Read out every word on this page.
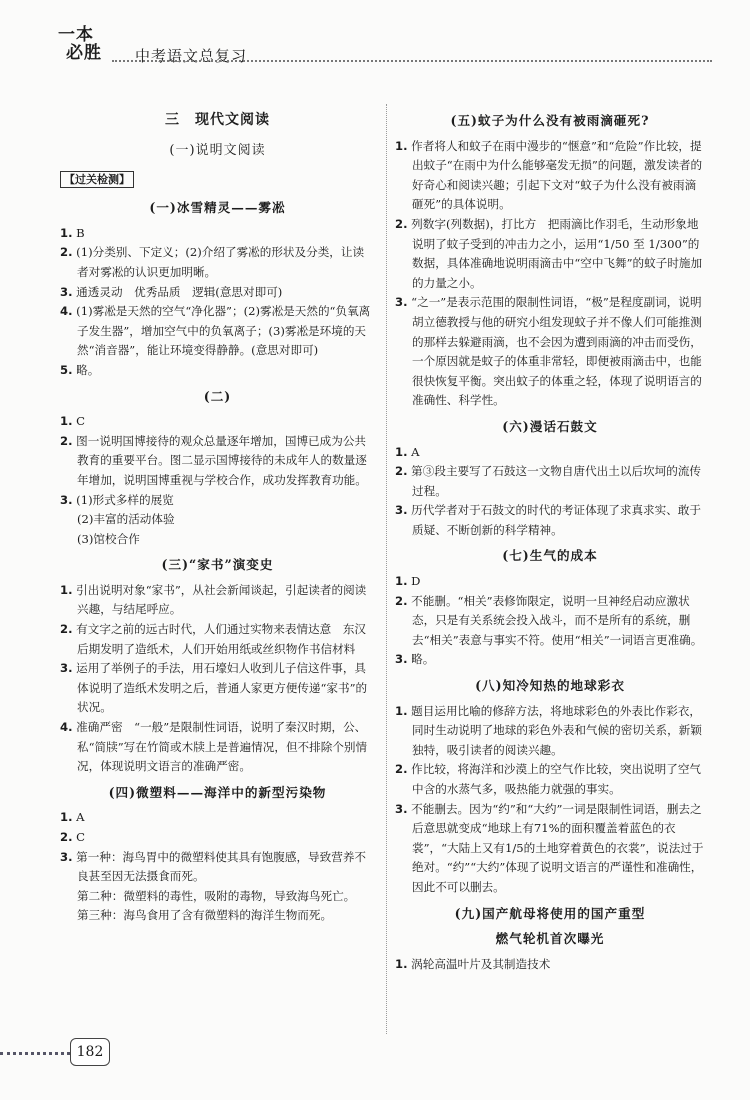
一本
必胜 中考语文总复习
三　现代文阅读
(一)说明文阅读
【过关检测】
(一)冰雪精灵——雾凇

1. B

2. (1)分类别、下定义；(2)介绍了雾凇的形状及分类，让读者对雾凇的认识更加明晰。

3. 通透灵动　优秀品质　逻辑(意思对即可)

4. (1)雾凇是天然的空气“净化器”；(2)雾凇是天然的“负氧离子发生器”，增加空气中的负氧离子；(3)雾凇是环境的天然“消音器”，能让环境变得静静。(意思对即可)

5. 略。

(二)

1. C

2. 图一说明国博接待的观众总量逐年增加，国博已成为公共教育的重要平台。图二显示国博接待的未成年人的数量逐年增加，说明国博重视与学校合作，成功发挥教育功能。

3. (1)形式多样的展览

(2)丰富的活动体验
(3)馆校合作
(三)“家书”演变史

1. 引出说明对象“家书”，从社会新闻谈起，引起读者的阅读兴趣，与结尾呼应。

2. 有文字之前的远古时代，人们通过实物来表情达意　东汉后期发明了造纸术，人们开始用纸或丝织物作书信材料

3. 运用了举例子的手法，用石壕妇人收到儿子信这件事，具体说明了造纸术发明之后，普通人家更方便传递“家书”的状况。

4. 准确严密　“一般”是限制性词语，说明了秦汉时期，公、私“简牍”写在竹简或木牍上是普遍情况，但不排除个别情况，体现说明文语言的准确严密。

(四)微塑料——海洋中的新型污染物

1. A

2. C

3. 第一种：海鸟胃中的微塑料使其具有饱腹感，导致营养不良甚至因无法摄食而死。

第二种：微塑料的毒性，吸附的毒物，导致海鸟死亡。
第三种：海鸟食用了含有微塑料的海洋生物而死。
(五)蚊子为什么没有被雨滴砸死?

1. 作者将人和蚊子在雨中漫步的“惬意”和“危险”作比较，提出蚊子“在雨中为什么能够毫发无损”的问题，激发读者的好奇心和阅读兴趣；引起下文对“蚊子为什么没有被雨滴砸死”的具体说明。

2. 列数字(列数据)，打比方　把雨滴比作羽毛，生动形象地说明了蚊子受到的冲击力之小，运用“1/50 至 1/300”的数据，具体准确地说明雨滴击中“空中飞舞”的蚊子时施加的力量之小。

3. “之一”是表示范围的限制性词语，“极”是程度副词，说明胡立德教授与他的研究小组发现蚊子并不像人们可能推测的那样去躲避雨滴，也不会因为遭到雨滴的冲击而受伤，一个原因就是蚊子的体重非常轻，即便被雨滴击中，也能很快恢复平衡。突出蚊子的体重之轻，体现了说明语言的准确性、科学性。

(六)漫话石鼓文

1. A

2. 第③段主要写了石鼓这一文物自唐代出土以后坎坷的流传过程。

3. 历代学者对于石鼓文的时代的考证体现了求真求实、敢于质疑、不断创新的科学精神。

(七)生气的成本

1. D

2. 不能删。“相关”表修饰限定，说明一旦神经启动应激状态，只是有关系统会投入战斗，而不是所有的系统，删去“相关”表意与事实不符。使用“相关”一词语言更准确。

3. 略。

(八)知冷知热的地球彩衣

1. 题目运用比喻的修辞方法，将地球彩色的外表比作彩衣，同时生动说明了地球的彩色外表和气候的密切关系，新颖独特，吸引读者的阅读兴趣。

2. 作比较，将海洋和沙漠上的空气作比较，突出说明了空气中含的水蒸气多，吸热能力就强的事实。

3. 不能删去。因为“约”和“大约”一词是限制性词语，删去之后意思就变成“地球上有71%的面积覆盖着蓝色的衣裳”，“大陆上又有1/5的土地穿着黄色的衣裳”，说法过于绝对。“约”“大约”体现了说明文语言的严谨性和准确性，因此不可以删去。

(九)国产航母将使用的国产重型
燃气轮机首次曝光

1. 涡轮高温叶片及其制造技术

182
